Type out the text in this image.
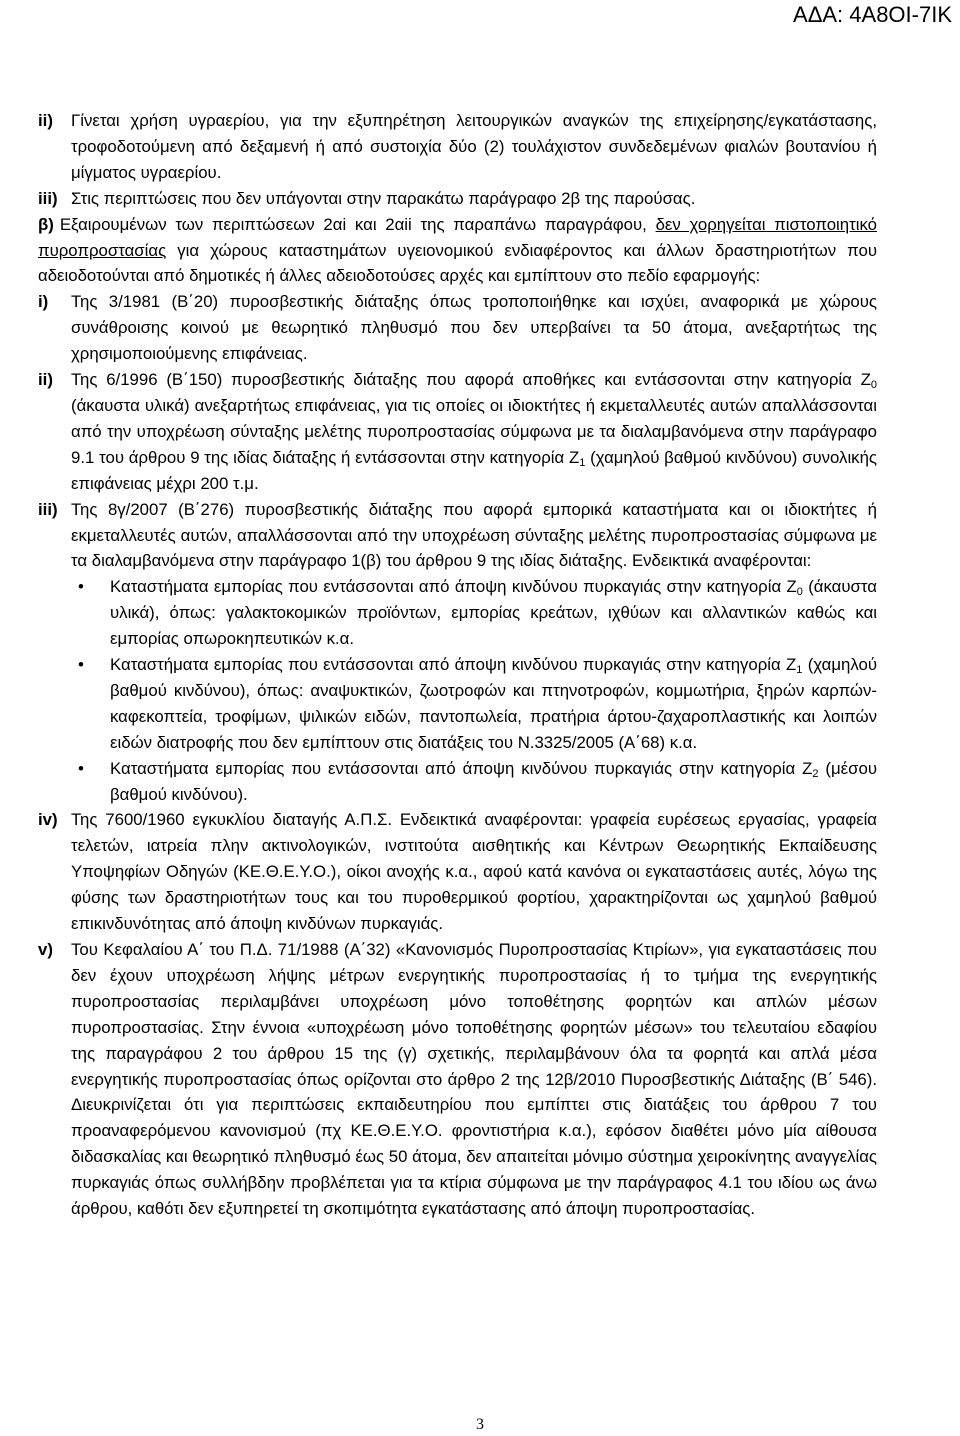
ΑΔΑ: 4Α8ΟΙ-7ΙΚ
ii) Γίνεται χρήση υγραερίου, για την εξυπηρέτηση λειτουργικών αναγκών της επιχείρησης/εγκατάστασης, τροφοδοτούμενη από δεξαμενή ή από συστοιχία δύο (2) τουλάχιστον συνδεδεμένων φιαλών βουτανίου ή μίγματος υγραερίου.
iii) Στις περιπτώσεις που δεν υπάγονται στην παρακάτω παράγραφο 2β της παρούσας.
β) Εξαιρουμένων των περιπτώσεων 2αi και 2αii της παραπάνω παραγράφου, δεν χορηγείται πιστοποιητικό πυροπροστασίας για χώρους καταστημάτων υγειονομικού ενδιαφέροντος και άλλων δραστηριοτήτων που αδειοδοτούνται από δημοτικές ή άλλες αδειοδοτούσες αρχές και εμπίπτουν στο πεδίο εφαρμογής:
i) Της 3/1981 (Β΄20) πυροσβεστικής διάταξης όπως τροποποιήθηκε και ισχύει, αναφορικά με χώρους συνάθροισης κοινού με θεωρητικό πληθυσμό που δεν υπερβαίνει τα 50 άτομα, ανεξαρτήτως της χρησιμοποιούμενης επιφάνειας.
ii) Της 6/1996 (Β΄150) πυροσβεστικής διάταξης που αφορά αποθήκες και εντάσσονται στην κατηγορία $Z_0$ (άκαυστα υλικά) ανεξαρτήτως επιφάνειας, για τις οποίες οι ιδιοκτήτες ή εκμεταλλευτές αυτών απαλλάσσονται από την υποχρέωση σύνταξης μελέτης πυροπροστασίας σύμφωνα με τα διαλαμβανόμενα στην παράγραφο 9.1 του άρθρου 9 της ιδίας διάταξης ή εντάσσονται στην κατηγορία $Z_1$ (χαμηλού βαθμού κινδύνου) συνολικής επιφάνειας μέχρι 200 τ.μ.
iii) Της 8γ/2007 (Β΄276) πυροσβεστικής διάταξης που αφορά εμπορικά καταστήματα και οι ιδιοκτήτες ή εκμεταλλευτές αυτών, απαλλάσσονται από την υποχρέωση σύνταξης μελέτης πυροπροστασίας σύμφωνα με τα διαλαμβανόμενα στην παράγραφο 1(β) του άρθρου 9 της ιδίας διάταξης. Ενδεικτικά αναφέρονται:
• Καταστήματα εμπορίας που εντάσσονται από άποψη κινδύνου πυρκαγιάς στην κατηγορία $Z_0$ (άκαυστα υλικά), όπως: γαλακτοκομικών προϊόντων, εμπορίας κρεάτων, ιχθύων και αλλαντικών καθώς και εμπορίας οπωροκηπευτικών κ.α.
• Καταστήματα εμπορίας που εντάσσονται από άποψη κινδύνου πυρκαγιάς στην κατηγορία $Z_1$ (χαμηλού βαθμού κινδύνου), όπως: αναψυκτικών, ζωοτροφών και πτηνοτροφών, κομμωτήρια, ξηρών καρπών-καφεκοπτεία, τροφίμων, ψιλικών ειδών, παντοπωλεία, πρατήρια άρτου-ζαχαροπλαστικής και λοιπών ειδών διατροφής που δεν εμπίπτουν στις διατάξεις του Ν.3325/2005 (Α΄68) κ.α.
• Καταστήματα εμπορίας που εντάσσονται από άποψη κινδύνου πυρκαγιάς στην κατηγορία $Z_2$ (μέσου βαθμού κινδύνου).
iv) Της 7600/1960 εγκυκλίου διαταγής Α.Π.Σ. Ενδεικτικά αναφέρονται: γραφεία ευρέσεως εργασίας, γραφεία τελετών, ιατρεία πλην ακτινολογικών, ινστιτούτα αισθητικής και Κέντρων Θεωρητικής Εκπαίδευσης Υποψηφίων Οδηγών (ΚΕ.Θ.Ε.Υ.Ο.), οίκοι ανοχής κ.α., αφού κατά κανόνα οι εγκαταστάσεις αυτές, λόγω της φύσης των δραστηριοτήτων τους και του πυροθερμικού φορτίου, χαρακτηρίζονται ως χαμηλού βαθμού επικινδυνότητας από άποψη κινδύνων πυρκαγιάς.
v) Του Κεφαλαίου Α΄ του Π.Δ. 71/1988 (Α΄32) «Κανονισμός Πυροπροστασίας Κτιρίων», για εγκαταστάσεις που δεν έχουν υποχρέωση λήψης μέτρων ενεργητικής πυροπροστασίας ή το τμήμα της ενεργητικής πυροπροστασίας περιλαμβάνει υποχρέωση μόνο τοποθέτησης φορητών και απλών μέσων πυροπροστασίας. Στην έννοια «υποχρέωση μόνο τοποθέτησης φορητών μέσων» του τελευταίου εδαφίου της παραγράφου 2 του άρθρου 15 της (γ) σχετικής, περιλαμβάνουν όλα τα φορητά και απλά μέσα ενεργητικής πυροπροστασίας όπως ορίζονται στο άρθρο 2 της 12β/2010 Πυροσβεστικής Διάταξης (Β΄ 546). Διευκρινίζεται ότι για περιπτώσεις εκπαιδευτηρίου που εμπίπτει στις διατάξεις του άρθρου 7 του προαναφερόμενου κανονισμού (πχ ΚΕ.Θ.Ε.Υ.Ο. φροντιστήρια κ.α.), εφόσον διαθέτει μόνο μία αίθουσα διδασκαλίας και θεωρητικό πληθυσμό έως 50 άτομα, δεν απαιτείται μόνιμο σύστημα χειροκίνητης αναγγελίας πυρκαγιάς όπως συλλήβδην προβλέπεται για τα κτίρια σύμφωνα με την παράγραφος 4.1 του ιδίου ως άνω άρθρου, καθότι δεν εξυπηρετεί τη σκοπιμότητα εγκατάστασης από άποψη πυροπροστασίας.
3
